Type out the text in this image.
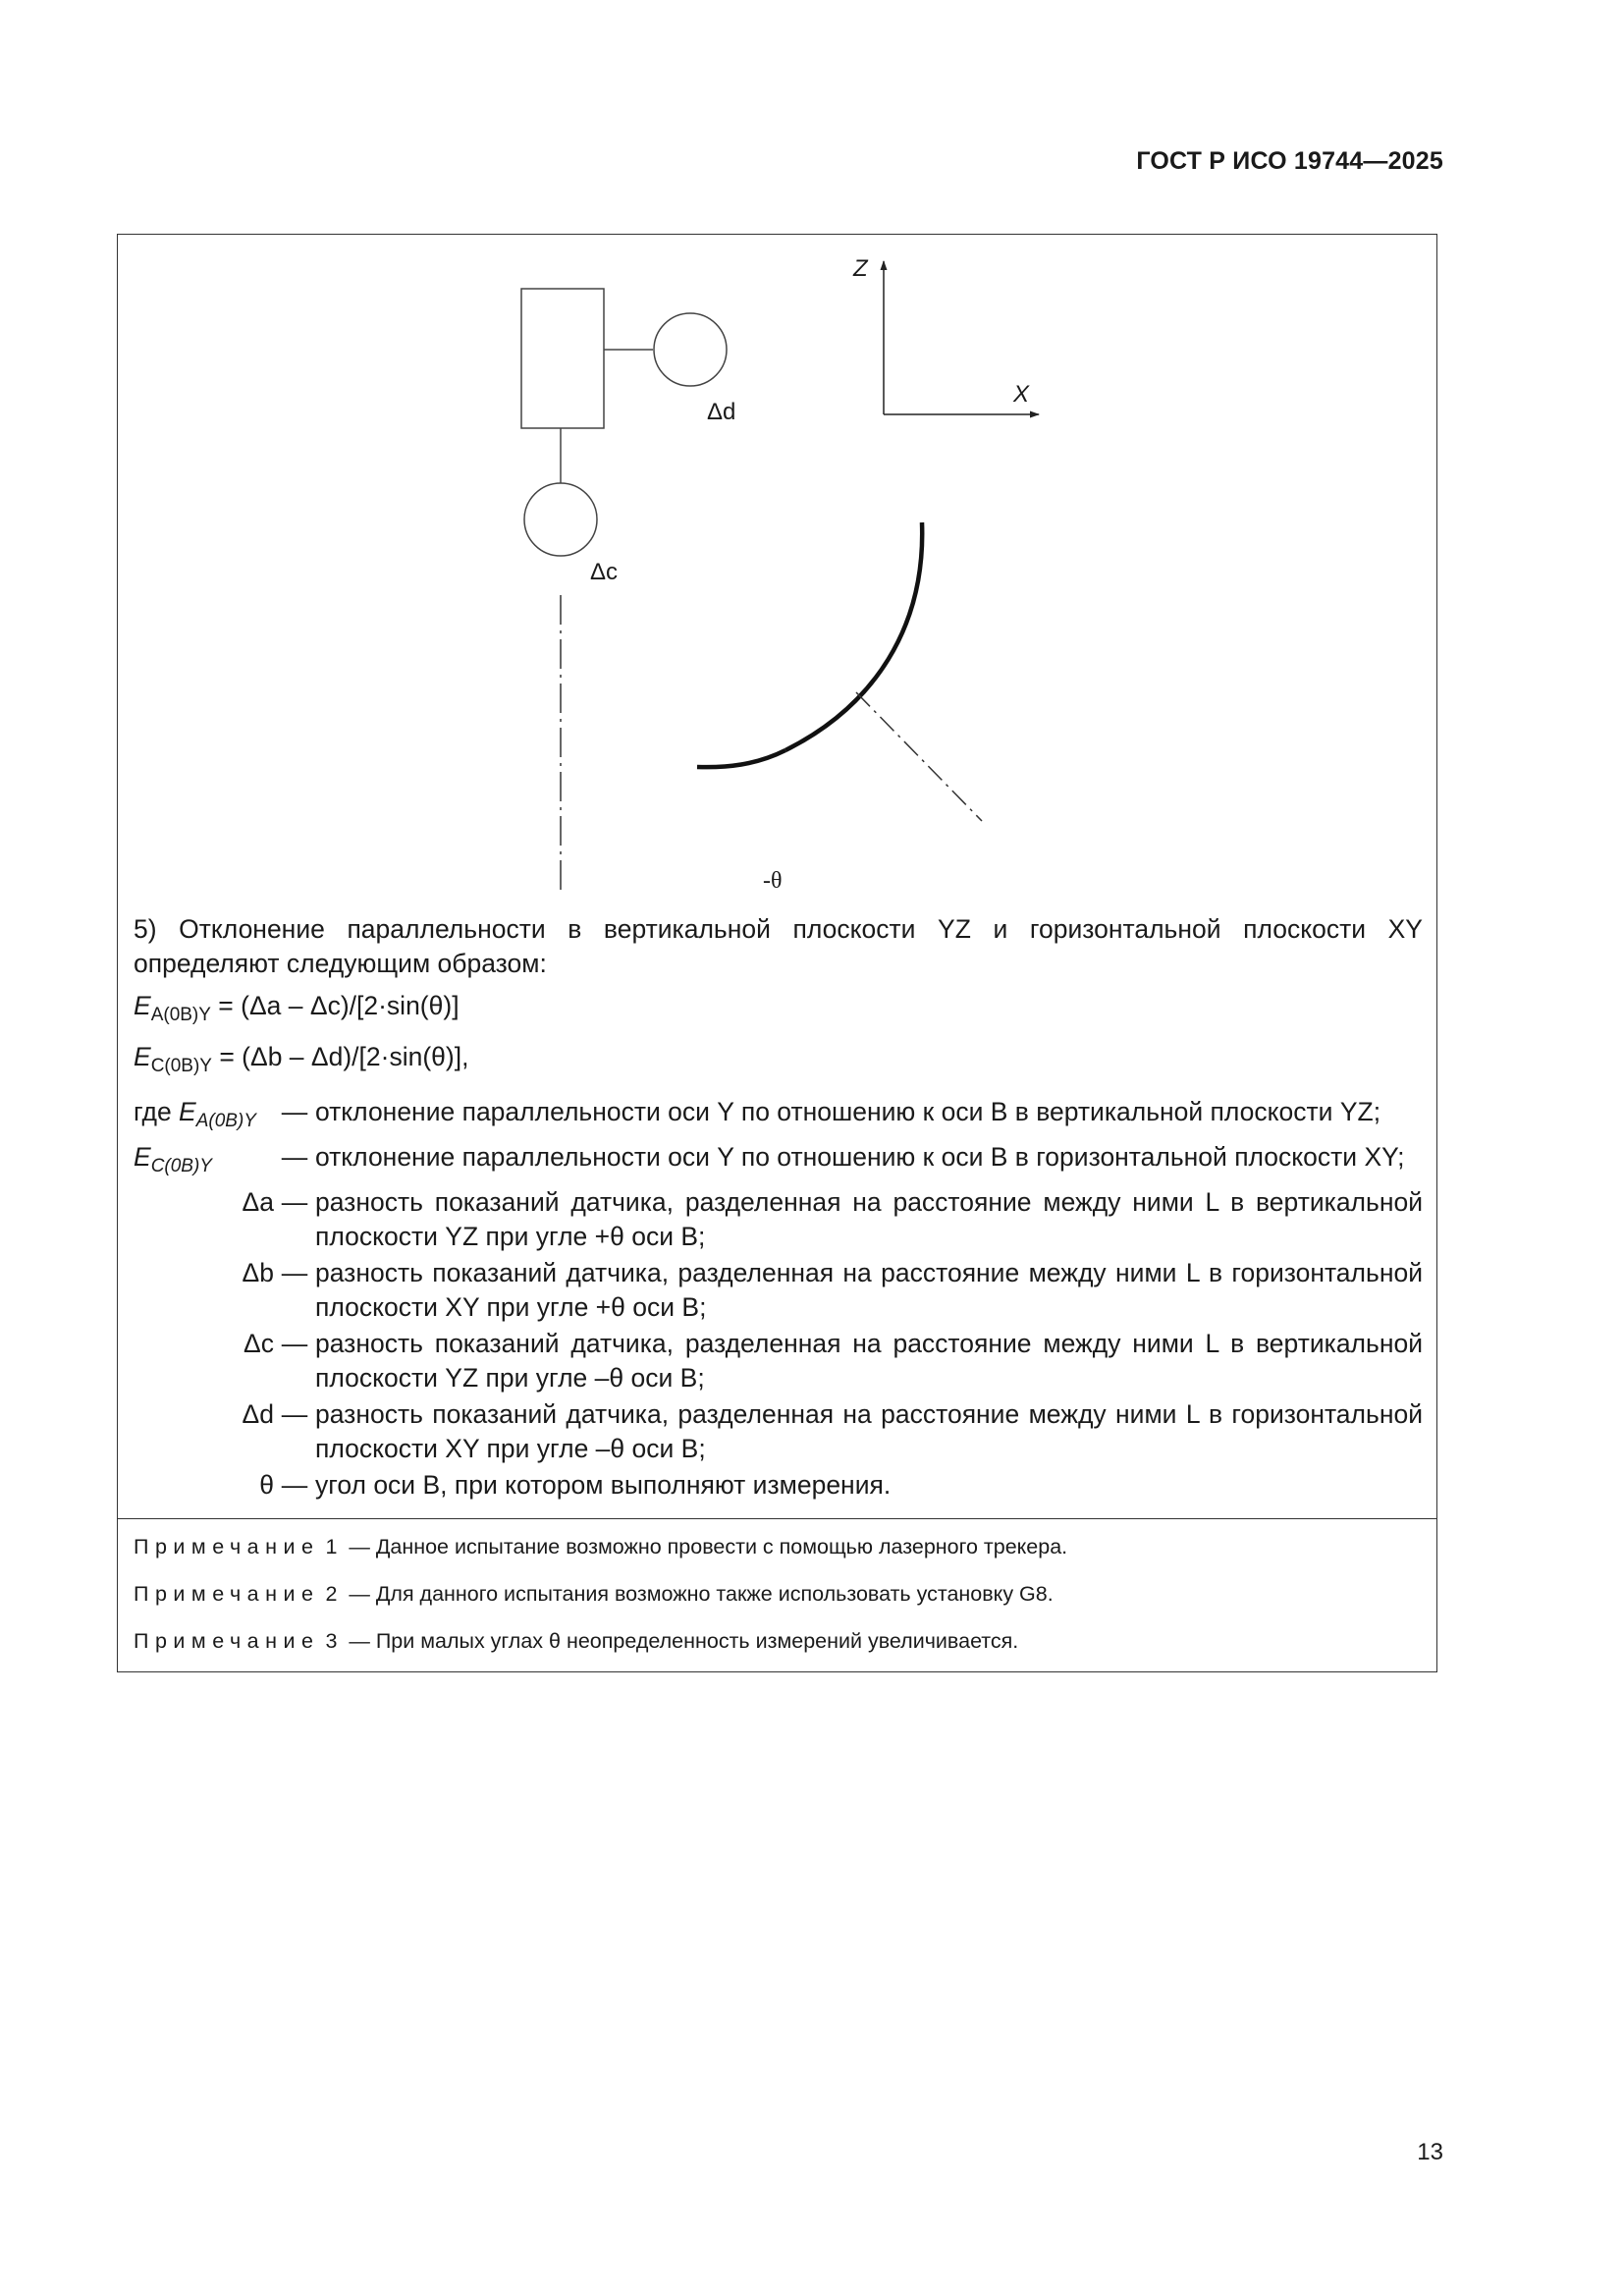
ГОСТ Р ИСО 19744—2025
Z
X
Δd
Δc
-θ

5) Отклонение параллельности в вертикальной плоскости YZ и горизонтальной плоскости XY определяют следующим образом:

$E_{A(0B)Y} = (\Delta a - \Delta c)/[2\cdot\sin(\theta)]$
$E_{C(0B)Y} = (\Delta b - \Delta d)/[2\cdot\sin(\theta)]$,
где $E_{A(0B)Y}$ — отклонение параллельности оси Y по отношению к оси B в вертикальной плоскости YZ;
$E_{C(0B)Y}$	— отклонение параллельности оси Y по отношению к оси B в горизонтальной плоскости XY;
Δa — разность показаний датчика, разделенная на расстояние между ними L в вертикальной плоскости YZ при угле +θ оси B;
Δb — разность показаний датчика, разделенная на расстояние между ними L в горизонтальной плоскости XY при угле +θ оси B;
Δc — разность показаний датчика, разделенная на расстояние между ними L в вертикальной плоскости YZ при угле –θ оси B;
Δd — разность показаний датчика, разделенная на расстояние между ними L в горизонтальной плоскости XY при угле –θ оси B;
θ — угол оси B, при котором выполняют измерения.
Примечание 1 — Данное испытание возможно провести с помощью лазерного трекера.
Примечание 2 — Для данного испытания возможно также использовать установку G8.
Примечание 3 — При малых углах θ неопределенность измерений увеличивается.
13
